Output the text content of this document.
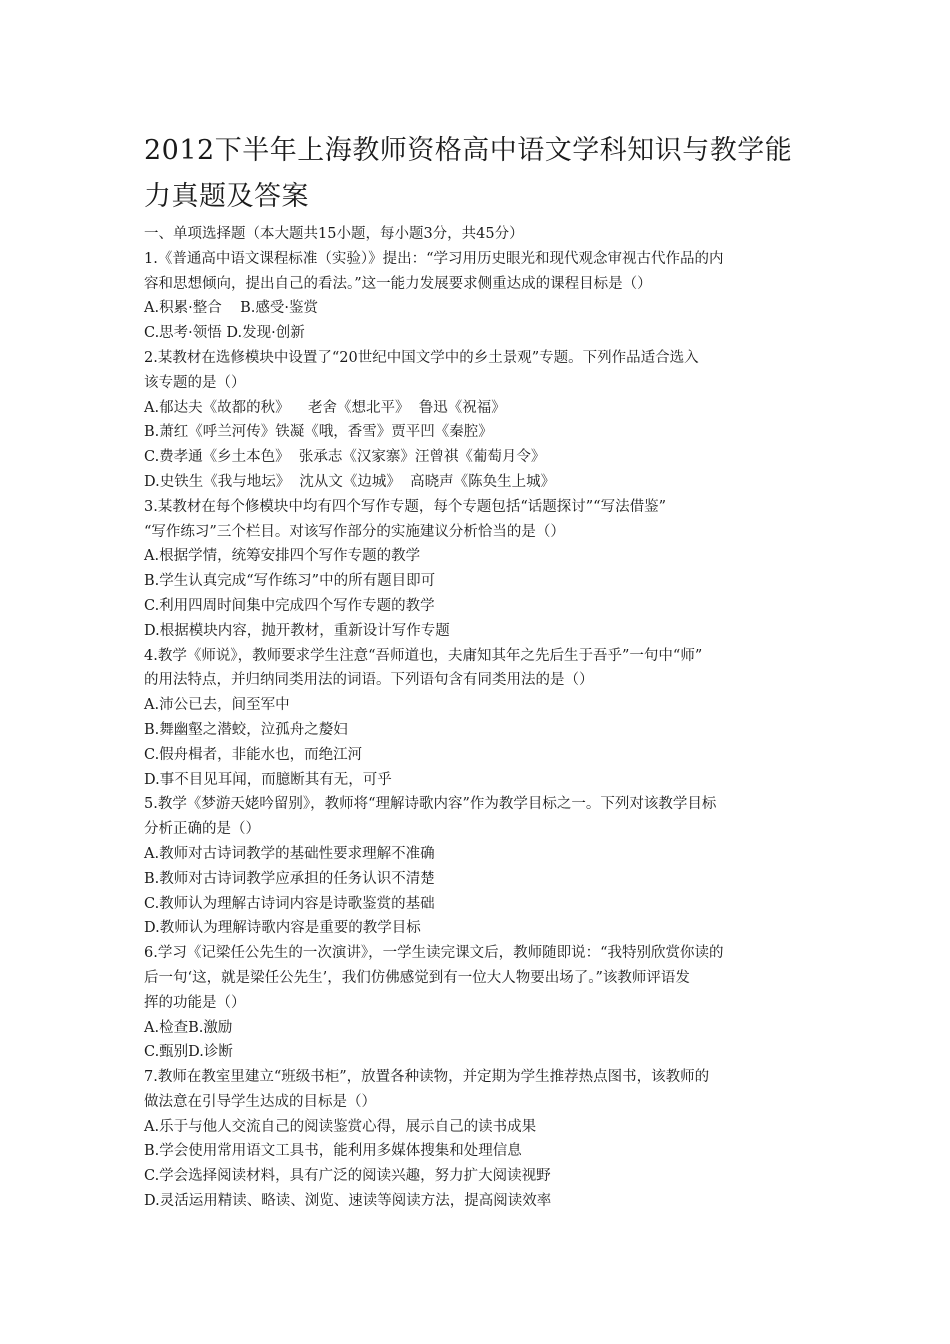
2012下半年上海教师资格高中语文学科知识与教学能力真题及答案

一、单项选择题（本大题共15小题，每小题3分，共45分）

1.《普通高中语文课程标准（实验）》提出：“学习用历史眼光和现代观念审视古代作品的内

容和思想倾向，提出自己的看法。”这一能力发展要求侧重达成的课程目标是（）

A.积累·整合    B.感受·鉴赏

C.思考·领悟 D.发现·创新

2.某教材在选修模块中设置了“20世纪中国文学中的乡土景观”专题。下列作品适合选入

该专题的是（）

A.郁达夫《故都的秋》    老舍《想北平》  鲁迅《祝福》

B.萧红《呼兰河传》铁凝《哦，香雪》贾平凹《秦腔》

C.费孝通《乡土本色》  张承志《汉家寨》汪曾祺《葡萄月令》

D.史铁生《我与地坛》  沈从文《边城》  高晓声《陈奂生上城》

3.某教材在每个修模块中均有四个写作专题，每个专题包括“话题探讨”“写法借鉴”

“写作练习”三个栏目。对该写作部分的实施建议分析恰当的是（）

A.根据学情，统筹安排四个写作专题的教学

B.学生认真完成“写作练习”中的所有题目即可

C.利用四周时间集中完成四个写作专题的教学

D.根据模块内容，抛开教材，重新设计写作专题

4.教学《师说》，教师要求学生注意“吾师道也，夫庸知其年之先后生于吾乎”一句中“师”

的用法特点，并归纳同类用法的词语。下列语句含有同类用法的是（）

A.沛公已去，间至军中

B.舞幽壑之潜蛟，泣孤舟之嫠妇

C.假舟楫者，非能水也，而绝江河

D.事不目见耳闻，而臆断其有无，可乎

5.教学《梦游天姥吟留别》，教师将“理解诗歌内容”作为教学目标之一。下列对该教学目标

分析正确的是（）

A.教师对古诗词教学的基础性要求理解不准确

B.教师对古诗词教学应承担的任务认识不清楚

C.教师认为理解古诗词内容是诗歌鉴赏的基础

D.教师认为理解诗歌内容是重要的教学目标

6.学习《记梁任公先生的一次演讲》，一学生读完课文后，教师随即说：“我特别欣赏你读的

后一句‘这，就是梁任公先生’，我们仿佛感觉到有一位大人物要出场了。”该教师评语发

挥的功能是（）

A.检查B.激励

C.甄别D.诊断

7.教师在教室里建立“班级书柜”，放置各种读物，并定期为学生推荐热点图书，该教师的

做法意在引导学生达成的目标是（）

A.乐于与他人交流自己的阅读鉴赏心得，展示自己的读书成果

B.学会使用常用语文工具书，能利用多媒体搜集和处理信息

C.学会选择阅读材料，具有广泛的阅读兴趣，努力扩大阅读视野

D.灵活运用精读、略读、浏览、速读等阅读方法，提高阅读效率
